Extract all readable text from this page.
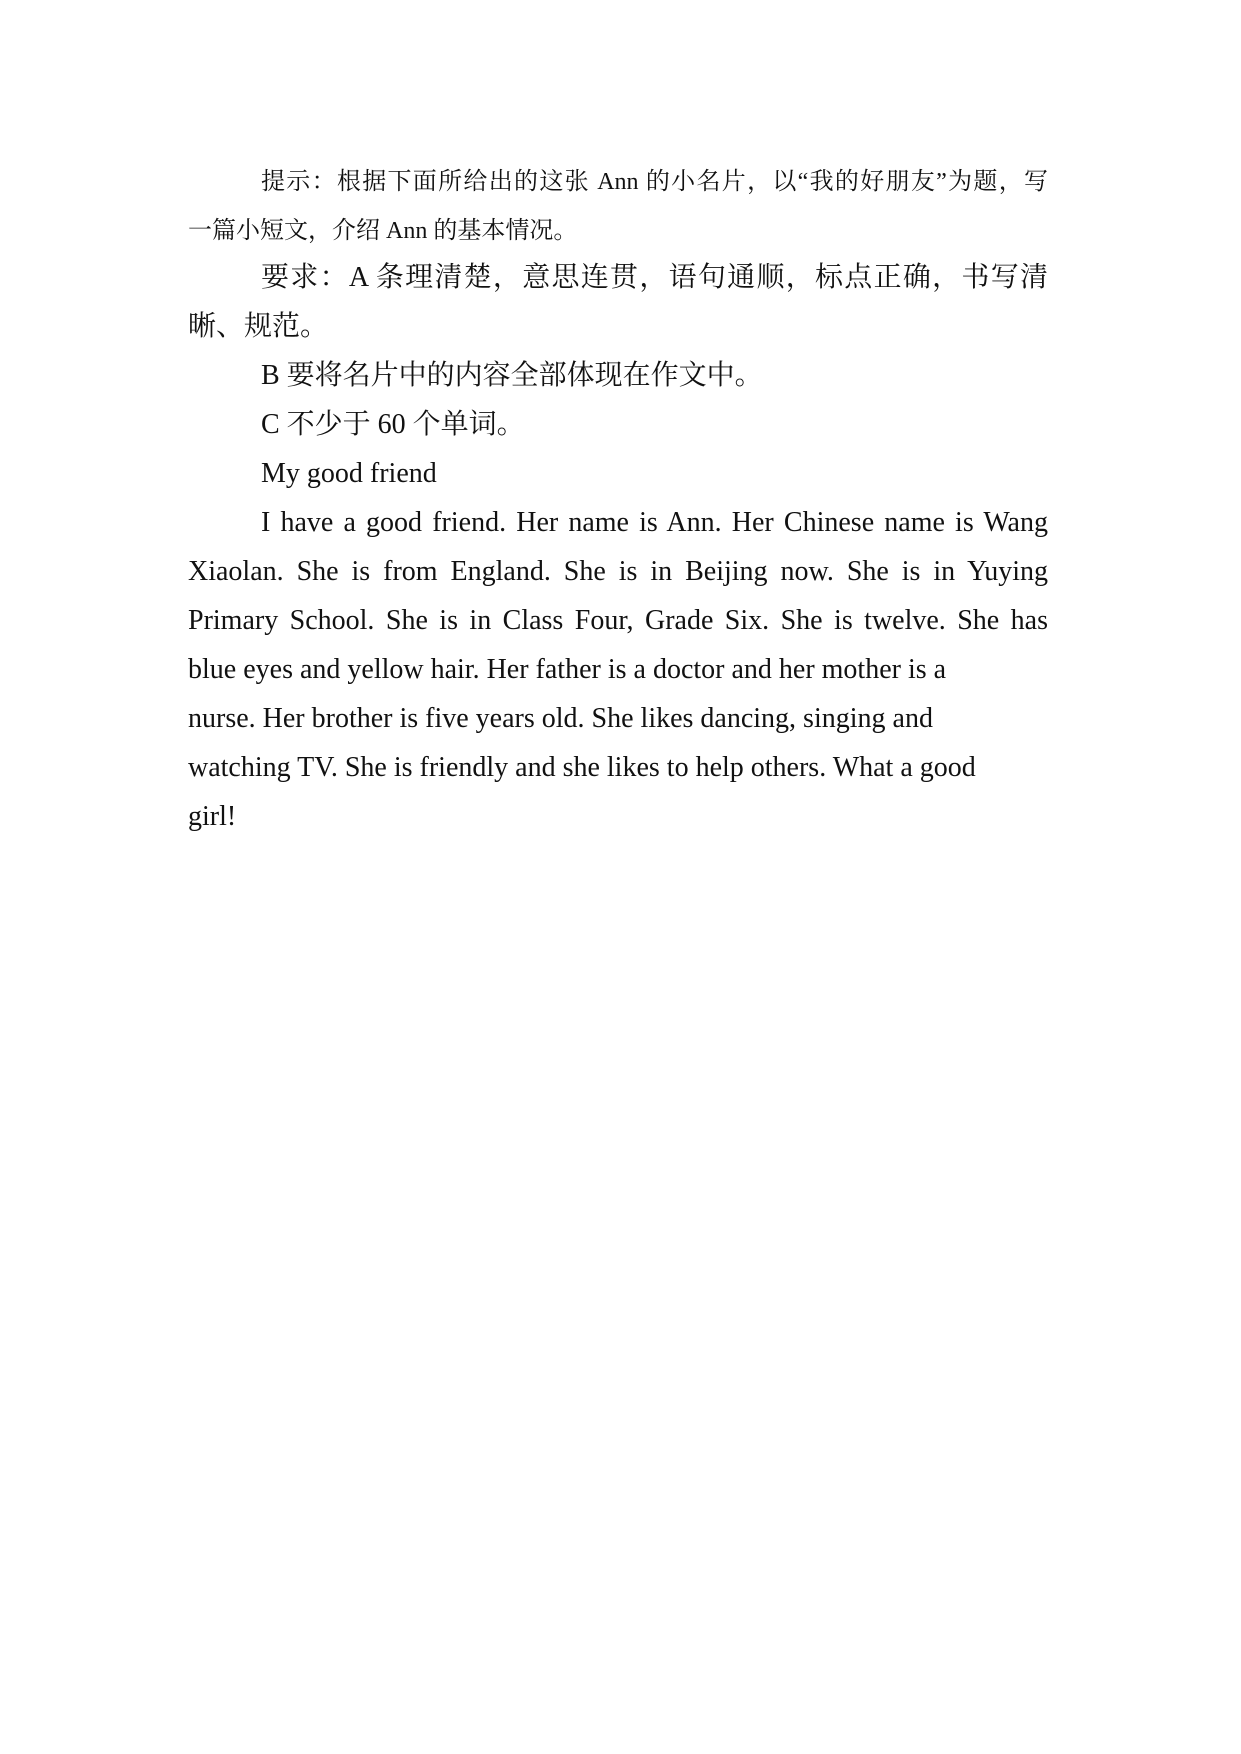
提示：根据下面所给出的这张 Ann 的小名片，以“我的好朋友”为题，写
一篇小短文，介绍 Ann 的基本情况。
要求：A 条理清楚，意思连贯，语句通顺，标点正确，书写清
晰、规范。
B 要将名片中的内容全部体现在作文中。
C 不少于 60 个单词。
My good friend
I have a good friend. Her name is Ann. Her Chinese name is Wang
Xiaolan. She is from England. She is in Beijing now. She is in Yuying
Primary School. She is in Class Four, Grade Six. She is twelve. She has
blue eyes and yellow hair. Her father is a doctor and her mother is a
nurse. Her brother is five years old. She likes dancing, singing and
watching TV. She is friendly and she likes to help others. What a good
girl!
